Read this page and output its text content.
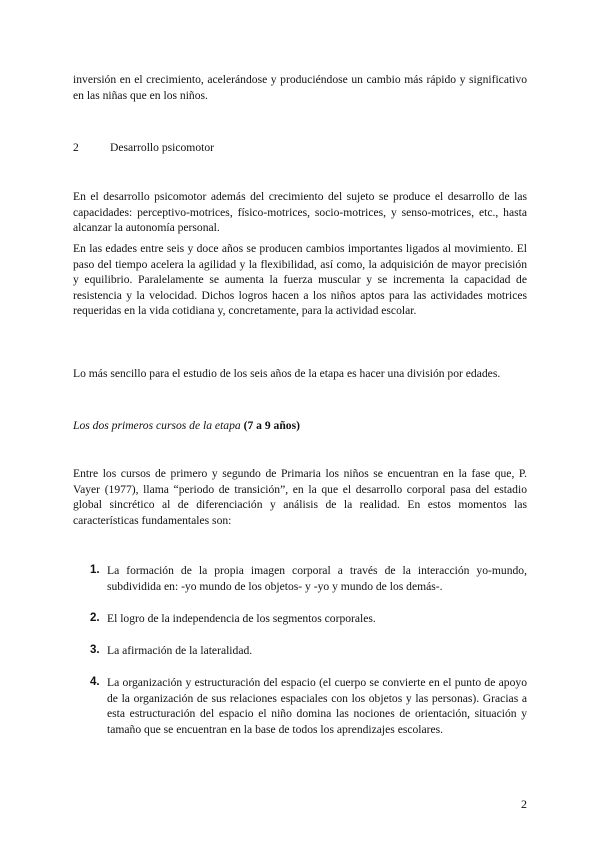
inversión en el crecimiento, acelerándose y produciéndose un cambio más rápido y significativo en las niñas que en los niños.

2	Desarrollo psicomotor

En el desarrollo psicomotor además del crecimiento del sujeto se produce el desarrollo de las capacidades: perceptivo-motrices, físico-motrices, socio-motrices, y senso-motrices, etc., hasta alcanzar la autonomía personal.

En las edades entre seis y doce años se producen cambios importantes ligados al movimiento. El paso del tiempo acelera la agilidad y la flexibilidad, así como, la adquisición de mayor precisión y equilibrio. Paralelamente se aumenta la fuerza muscular y se incrementa la capacidad de resistencia y la velocidad. Dichos logros hacen a los niños aptos para las actividades motrices requeridas en la vida cotidiana y, concretamente, para la actividad escolar.

Lo más sencillo para el estudio de los seis años de la etapa es hacer una división por edades.

Los dos primeros cursos de la etapa (7 a 9 años)

Entre los cursos de primero y segundo de Primaria los niños se encuentran en la fase que, P. Vayer (1977), llama “periodo de transición”, en la que el desarrollo corporal pasa del estadio global sincrético al de diferenciación y análisis de la realidad. En estos momentos las características fundamentales son:

1. La formación de la propia imagen corporal a través de la interacción yo-mundo, subdividida en: -yo mundo de los objetos- y -yo y mundo de los demás-.
2. El logro de la independencia de los segmentos corporales.
3. La afirmación de la lateralidad.
4. La organización y estructuración del espacio (el cuerpo se convierte en el punto de apoyo de la organización de sus relaciones espaciales con los objetos y las personas). Gracias a esta estructuración del espacio el niño domina las nociones de orientación, situación y tamaño que se encuentran en la base de todos los aprendizajes escolares.
2
